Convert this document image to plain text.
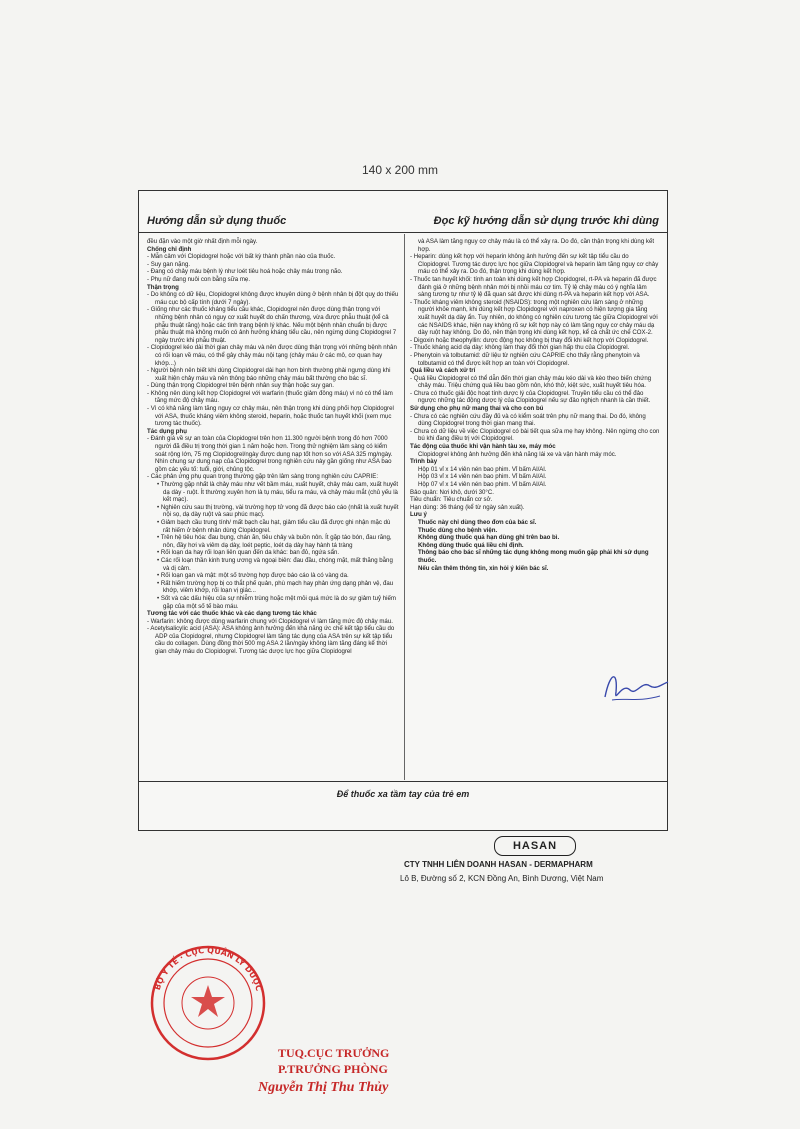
140 x 200 mm
Hướng dẫn sử dụng thuốc	Đọc kỹ hướng dẫn sử dụng trước khi dùng

đều đặn vào một giờ nhất định mỗi ngày.

Chống chỉ định

- Mẫn cảm với Clopidogrel hoặc với bất kỳ thành phần nào của thuốc.

- Suy gan nặng.

- Đang có chảy máu bệnh lý như loét tiêu hoá hoặc chảy máu trong não.

- Phụ nữ đang nuôi con bằng sữa mẹ.

Thận trọng

- Do không có dữ liệu, Clopidogrel không được khuyên dùng ở bệnh nhân bị đột quỵ do thiếu máu cục bộ cấp tính (dưới 7 ngày).

- Giống như các thuốc kháng tiểu cầu khác, Clopidogrel nên được dùng thận trọng với những bệnh nhân có nguy cơ xuất huyết do chấn thương, vừa được phẫu thuật (kể cả phẫu thuật răng) hoặc các tình trạng bệnh lý khác. Nếu một bệnh nhân chuẩn bị được phẫu thuật mà không muốn có ảnh hưởng kháng tiểu cầu, nên ngừng dùng Clopidogrel 7 ngày trước khi phẫu thuật.

- Clopidogrel kéo dài thời gian chảy máu và nên được dùng thận trọng với những bệnh nhân có rối loạn về máu, có thể gây chảy máu nội tạng (chảy máu ở các mô, cơ quan hay khớp...)

- Người bệnh nên biết khi dùng Clopidogrel dài hạn hơn bình thường phải ngưng dùng khi xuất hiện chảy máu và nên thông báo những chảy máu bất thường cho bác sĩ.

- Dùng thận trọng Clopidogrel trên bệnh nhân suy thận hoặc suy gan.

- Không nên dùng kết hợp Clopidogrel với warfarin (thuốc giảm đông máu) vì nó có thể làm tăng mức độ chảy máu.

- Vì có khả năng làm tăng nguy cơ chảy máu, nên thận trọng khi dùng phối hợp Clopidogrel với ASA, thuốc kháng viêm không steroid, heparin, hoặc thuốc tan huyết khối (xem mục tương tác thuốc).

Tác dụng phụ

- Đánh giá về sự an toàn của Clopidogrel trên hơn 11.300 người bệnh trong đó hơn 7000 người đã điều trị trong thời gian 1 năm hoặc hơn. Trong thử nghiệm lâm sàng có kiểm soát rộng lớn, 75 mg Clopidogrel/ngày được dung nạp tốt hơn so với ASA 325 mg/ngày. Nhìn chung sự dung nạp của Clopidogrel trong nghiên cứu này gần giống như ASA bao gồm các yếu tố: tuổi, giới, chủng tộc.

- Các phản ứng phụ quan trọng thường gặp trên lâm sàng trong nghiên cứu CAPRIE:

• Thường gặp nhất là chảy máu như vết bầm máu, xuất huyết, chảy máu cam, xuất huyết dạ dày - ruột. Ít thường xuyên hơn là tụ máu, tiểu ra máu, và chảy máu mắt (chủ yếu là kết mạc).

• Nghiên cứu sau thị trường, vài trường hợp tử vong đã được báo cáo (nhất là xuất huyết nội sọ, dạ dày ruột và sau phúc mạc).

• Giảm bạch cầu trung tính/ mất bạch cầu hạt, giảm tiểu cầu đã được ghi nhận mặc dù rất hiếm ở bệnh nhân dùng Clopidogrel.

• Trên hệ tiêu hóa: đau bụng, chán ăn, tiêu chảy và buồn nôn. Ít gặp táo bón, đau răng, nôn, đầy hơi và viêm dạ dày, loét peptic, loét dạ dày hay hành tá tràng

• Rối loạn da hay rối loạn liên quan đến da khác: ban đỏ, ngứa sẩn.

• Các rối loạn thần kinh trung ương và ngoại biên: đau đầu, chóng mặt, mất thăng bằng và dị cảm.

• Rối loạn gan và mật: một số trường hợp được báo cáo là có vàng da.

• Rất hiếm trường hợp bị co thắt phế quản, phù mạch hay phản ứng dạng phản vệ, đau khớp, viêm khớp, rối loạn vị giác...

• Sốt và các dấu hiệu của sự nhiễm trùng hoặc mệt mỏi quá mức là do sự giảm tuỷ hiếm gặp của một số tế bào máu.

Tương tác với các thuốc khác và các dạng tương tác khác

- Warfarin: không được dùng warfarin chung với Clopidogrel vì làm tăng mức độ chảy máu.

- Acetylsalicylic acid (ASA): ASA không ảnh hưởng đến khả năng ức chế kết tập tiểu cầu do ADP của Clopidogrel, nhưng Clopidogrel làm tăng tác dụng của ASA trên sự kết tập tiểu cầu do collagen. Dùng đồng thời 500 mg ASA 2 lần/ngày không làm tăng đáng kể thời gian chảy máu do Clopidogrel. Tương tác dược lực học giữa Clopidogrel

và ASA làm tăng nguy cơ chảy máu là có thể xảy ra. Do đó, cần thận trọng khi dùng kết hợp.

- Heparin: dùng kết hợp với heparin không ảnh hưởng đến sự kết tập tiểu cầu do Clopidogrel. Tương tác dược lực học giữa Clopidogrel và heparin làm tăng nguy cơ chảy máu có thể xảy ra. Do đó, thận trọng khi dùng kết hợp.

- Thuốc tan huyết khối: tính an toàn khi dùng kết hợp Clopidogrel, rt-PA và heparin đã được đánh giá ở những bệnh nhân mới bị nhồi máu cơ tim. Tỷ lệ chảy máu có ý nghĩa lâm sàng tương tự như tỷ lệ đã quan sát được khi dùng rt-PA và heparin kết hợp với ASA.

- Thuốc kháng viêm không steroid (NSAIDS): trong một nghiên cứu lâm sàng ở những người khỏe mạnh, khi dùng kết hợp Clopidogrel với naproxen có hiện tượng gia tăng xuất huyết dạ dày ẩn. Tuy nhiên, do không có nghiên cứu tương tác giữa Clopidogrel với các NSAIDS khác, hiện nay không rõ sự kết hợp này có làm tăng nguy cơ chảy máu dạ dày ruột hay không. Do đó, nên thận trọng khi dùng kết hợp, kể cả chất ức chế COX-2.

- Digoxin hoặc theophyllin: dược động học không bị thay đổi khi kết hợp với Clopidogrel.

- Thuốc kháng acid dạ dày: không làm thay đổi thời gian hấp thu của Clopidogrel.

- Phenytoin và tolbutamid: dữ liệu từ nghiên cứu CAPRIE cho thấy rằng phenytoin và tolbutamid có thể được kết hợp an toàn với Clopidogrel.

Quá liều và cách xử trí

- Quá liều Clopidogrel có thể dẫn đến thời gian chảy máu kéo dài và kèo theo biến chứng chảy máu. Triệu chứng quá liều bao gồm nôn, khó thở, kiệt sức, xuất huyết tiêu hóa.

- Chưa có thuốc giải độc hoạt tính dược lý của Clopidogrel. Truyền tiểu cầu có thể đảo ngược những tác động dược lý của Clopidogrel nếu sự đảo nghịch nhanh là cần thiết.

Sử dụng cho phụ nữ mang thai và cho con bú

- Chưa có các nghiên cứu đầy đủ và có kiểm soát trên phụ nữ mang thai. Do đó, không dùng Clopidogrel trong thời gian mang thai.

- Chưa có dữ liệu về việc Clopidogrel có bài tiết qua sữa mẹ hay không. Nên ngừng cho con bú khi đang điều trị với Clopidogrel.

Tác động của thuốc khi vận hành tàu xe, máy móc

Clopidogrel không ảnh hưởng đến khả năng lái xe và vận hành máy móc.

Trình bày

Hộp 01 vỉ x 14 viên nén bao phim. Vỉ bấm Al/Al.

Hộp 03 vỉ x 14 viên nén bao phim. Vỉ bấm Al/Al.

Hộp 07 vỉ x 14 viên nén bao phim. Vỉ bấm Al/Al.

Bảo quản: Nơi khô, dưới 30°C.

Tiêu chuẩn: Tiêu chuẩn cơ sở.

Hạn dùng: 36 tháng (kể từ ngày sản xuất).

Lưu ý

Thuốc này chỉ dùng theo đơn của bác sĩ.

Thuốc dùng cho bệnh viện.

Không dùng thuốc quá hạn dùng ghi trên bao bì.

Không dùng thuốc quá liều chỉ định.

Thông báo cho bác sĩ những tác dụng không mong muốn gặp phải khi sử dụng thuốc.

Nếu cần thêm thông tin, xin hỏi ý kiến bác sĩ.

HASAN
Để thuốc xa tầm tay của trẻ em
CTY TNHH LIÊN DOANH HASAN - DERMAPHARM
Lô B, Đường số 2, KCN Đồng An, Bình Dương, Việt Nam
BỘ Y TẾ · CỤC QUẢN LÝ DƯỢC
TUQ.CỤC TRƯỞNG
P.TRƯỞNG PHÒNG
Nguyễn Thị Thu Thủy
